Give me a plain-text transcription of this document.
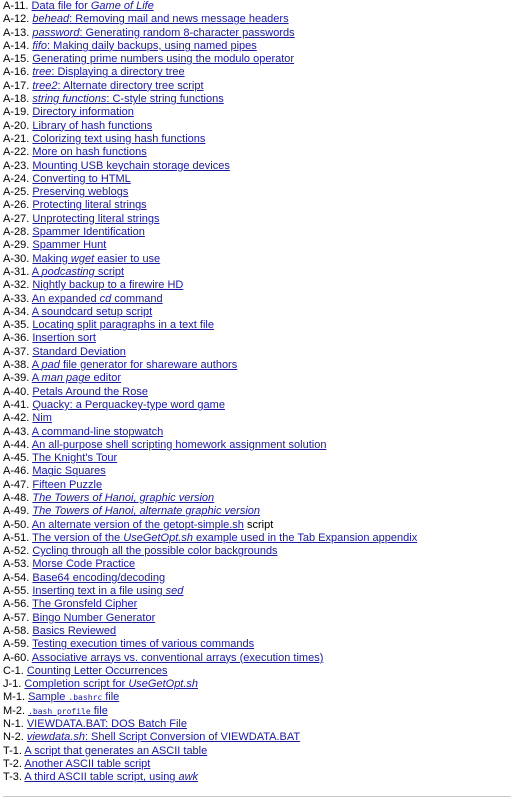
A-11. Data file for Game of Life
A-12. behead: Removing mail and news message headers
A-13. password: Generating random 8-character passwords
A-14. fifo: Making daily backups, using named pipes
A-15. Generating prime numbers using the modulo operator
A-16. tree: Displaying a directory tree
A-17. tree2: Alternate directory tree script
A-18. string functions: C-style string functions
A-19. Directory information
A-20. Library of hash functions
A-21. Colorizing text using hash functions
A-22. More on hash functions
A-23. Mounting USB keychain storage devices
A-24. Converting to HTML
A-25. Preserving weblogs
A-26. Protecting literal strings
A-27. Unprotecting literal strings
A-28. Spammer Identification
A-29. Spammer Hunt
A-30. Making wget easier to use
A-31. A podcasting script
A-32. Nightly backup to a firewire HD
A-33. An expanded cd command
A-34. A soundcard setup script
A-35. Locating split paragraphs in a text file
A-36. Insertion sort
A-37. Standard Deviation
A-38. A pad file generator for shareware authors
A-39. A man page editor
A-40. Petals Around the Rose
A-41. Quacky: a Perquackey-type word game
A-42. Nim
A-43. A command-line stopwatch
A-44. An all-purpose shell scripting homework assignment solution
A-45. The Knight's Tour
A-46. Magic Squares
A-47. Fifteen Puzzle
A-48. The Towers of Hanoi, graphic version
A-49. The Towers of Hanoi, alternate graphic version
A-50. An alternate version of the getopt-simple.sh script
A-51. The version of the UseGetOpt.sh example used in the Tab Expansion appendix
A-52. Cycling through all the possible color backgrounds
A-53. Morse Code Practice
A-54. Base64 encoding/decoding
A-55. Inserting text in a file using sed
A-56. The Gronsfeld Cipher
A-57. Bingo Number Generator
A-58. Basics Reviewed
A-59. Testing execution times of various commands
A-60. Associative arrays vs. conventional arrays (execution times)
C-1. Counting Letter Occurrences
J-1. Completion script for UseGetOpt.sh
M-1. Sample .bashrc file
M-2. .bash_profile file
N-1. VIEWDATA.BAT: DOS Batch File
N-2. viewdata.sh: Shell Script Conversion of VIEWDATA.BAT
T-1. A script that generates an ASCII table
T-2. Another ASCII table script
T-3. A third ASCII table script, using awk
